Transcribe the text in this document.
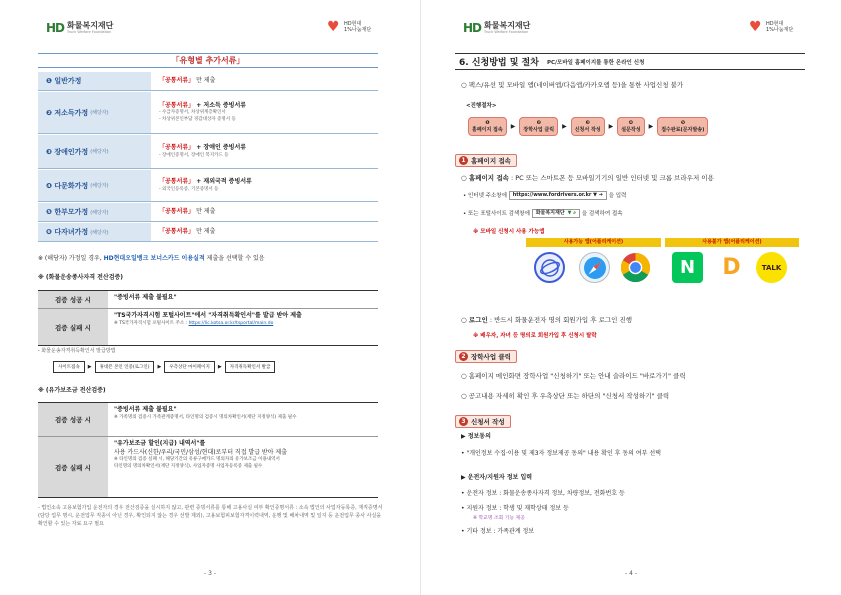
HD 화물복지재단
Truck Welfare Foundation	♥ HD현대
1%나눔재단
「유형별 추가서류」
❶ 일반가정	「공통서류」 만 제출
❷ 저소득가정 (해당자)
「공통서류」 + 저소득 증빙서류
- 수급자증명서, 차상위계층확인서
- 차상위본인부담 경감대상자 증명서 등
❸ 장애인가정 (해당자)
「공통서류」 + 장애인 증빙서류
- 장애인증명서, 장애인 복지카드 등
❹ 다문화가정 (해당자)
「공통서류」 + 재외국적 증빙서류
- 외국인등록증, 기본증명서 등
❺ 한부모가정 (해당자)	「공통서류」 만 제출
❻ 다자녀가정 (해당자)	「공통서류」 만 제출
※ (해당자) 가정일 경우, HD현대오일뱅크 보너스카드 이용실적 제출을 선택할 수 있음
※ (화물운송종사자격 전산검증)
검증 성공 시	"증빙서류 제출 불필요"
검증 실패 시
"TS국가자격시험 포털사이트"에서 "자격취득확인서"를 발급 받아 제출
※ TS국가자격시험 포털사이트 주소 : https://lic.kotsa.or.kr/tsportal/main.do
- 화물운송자격취득확인서 발급방법
사이트접속	▶	휴대폰 본인 인증(로그인)	▶	우측상단 마이페이지	▶	자격취득확인서 발급
※ (유가보조금 전산검증)
검증 성공 시
"증빙서류 제출 불필요"
※ 가족명의 검증시 가족관계증명서, 타인명의 검증시 명의차확인서(재단 지정양식) 제출 필수
검증 실패 시
"유가보조금 할인(지급) 내역서"를
사용 카드사(신한/우리/국민/삼성/현대)로부터 직접 발급 받아 제출
※ 타인명의 검증 실패 시, 해당기간의 유류구매카드 명의자의 유가보조금 이용내역서
타인명의 명의차확인서(재단 지정양식), 사업자증명 사업자등록증 제출 필수
- 법인소속 고용보험가입 운전자의 경우 전산검증을 실시하지 않고, 관련 증빙서류를 통해 고용사실 여부 확인증명서류 : 소속 법인의 사업자등록증, 재직증명서(담당 업무 명시, 운전업무 직종이 아닌 경우, 확인되지 않는 경우 선발 제외), 고용보험피보험자격이력내역, 운행 및 배차내역 및 일지 등 운전업무 종사 사실을 확인할 수 있는 자료 요구 필요
- 3 -
HD 화물복지재단
Truck Welfare Foundation	♥ HD현대
1%나눔재단
6. 신청방법 및 절차 PC/모바일 홈페이지를 통한 온라인 신청
○ 팩스/유선 및 모바일 앱(네이버앱/다음앱/카카오앱 등)을 통한 사업신청 불가
<진행절차>
❶
홈페이지 접속	▶	❷
장학사업 클릭	▶	❸
신청서 작성	▶	❹
설문작성	▶	❺
접수완료(문자발송)
1 홈페이지 접속
○ 홈페이지 접속 : PC 또는 스마트폰 등 모바일기기의 일반 인터넷 및 크롬 브라우저 이용
• 인터넷 주소창에 https://www.fordrivers.or.kr ▼ ➔ 을 입력
• 또는 포털사이트 검색창에 화물복지재단 ▼ ⌕ 을 검색하여 접속
※ 모바일 신청시 사용 가능앱
사용가능 앱(어플리케이션)	사용불가 앱(어플리케이션)
N	D	TALK
○ 로그인 : 반드시 화물운전자 명의 회원가입 후 로그인 진행
※ 배우자, 자녀 등 명의로 회원가입 후 신청시 탈락
2 장학사업 클릭
○ 홈페이지 메인화면 장학사업 "신청하기" 또는 안내 슬라이드 "바로가기" 클릭
○ 공고내용 자세히 확인 후 우측상단 또는 하단의 "신청서 작성하기" 클릭
3 신청서 작성
▶ 정보동의
• "개인정보 수집·이용 및 제3자 정보제공 동의" 내용 확인 후 동의 여부 선택
▶ 운전자/지원자 정보 입력
• 운전자 정보 : 화물운송종사자격 정보, 차량정보, 전화번호 등
• 지원자 정보 : 학생 및 재학상태 정보 등
※ 학교명 조회 기능 제공
• 기타 정보 : 가족관계 정보
- 4 -
